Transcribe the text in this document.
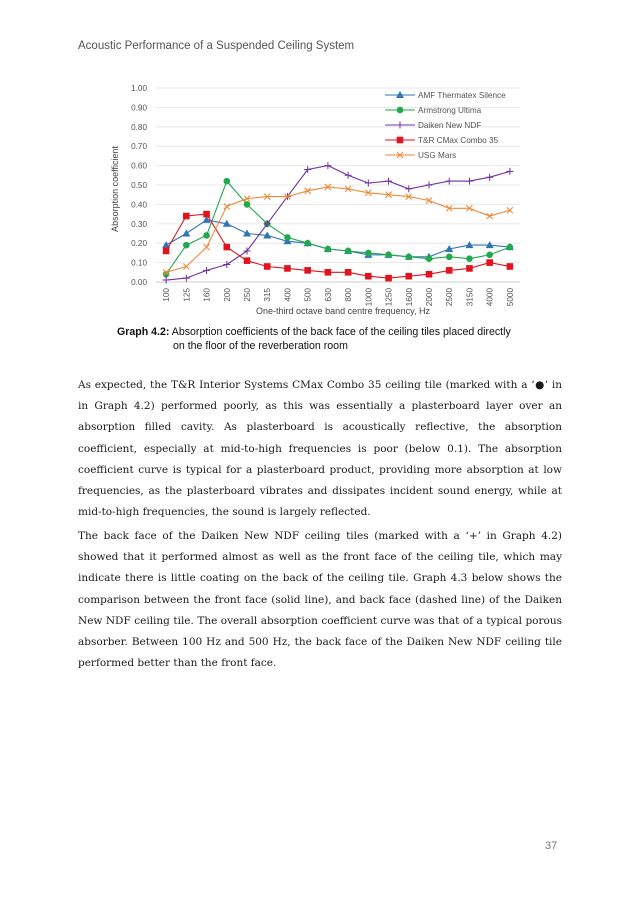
Acoustic Performance of a Suspended Ceiling System
0.00
0.10
0.20
0.30
0.40
0.50
0.60
0.70
0.80
0.90
1.00
100 125 160 200 250 315 400 500 630 800 1000 1250 1600 2000 2500 3150 4000 5000
AMF Thermatex Silence
Armstrong Ultima
Daiken New NDF
T&R CMax Combo 35
USG Mars
Absorption coefficient
One-third octave band centre frequency, Hz
Graph 4.2: Absorption coefficients of the back face of the ceiling tiles placed directly
on the floor of the reverberation room
As expected, the T&R Interior Systems CMax Combo 35 ceiling tile (marked with a ‘●’ in in Graph 4.2) performed poorly, as this was essentially a plasterboard layer over an absorption filled cavity. As plasterboard is acoustically reflective, the absorption coefficient, especially at mid-to-high frequencies is poor (below 0.1). The absorption coefficient curve is typical for a plasterboard product, providing more absorption at low frequencies, as the plasterboard vibrates and dissipates incident sound energy, while at mid-to-high frequencies, the sound is largely reflected.
The back face of the Daiken New NDF ceiling tiles (marked with a ‘+’ in Graph 4.2) showed that it performed almost as well as the front face of the ceiling tile, which may indicate there is little coating on the back of the ceiling tile. Graph 4.3 below shows the comparison between the front face (solid line), and back face (dashed line) of the Daiken New NDF ceiling tile. The overall absorption coefficient curve was that of a typical porous absorber. Between 100 Hz and 500 Hz, the back face of the Daiken New NDF ceiling tile performed better than the front face.
37
